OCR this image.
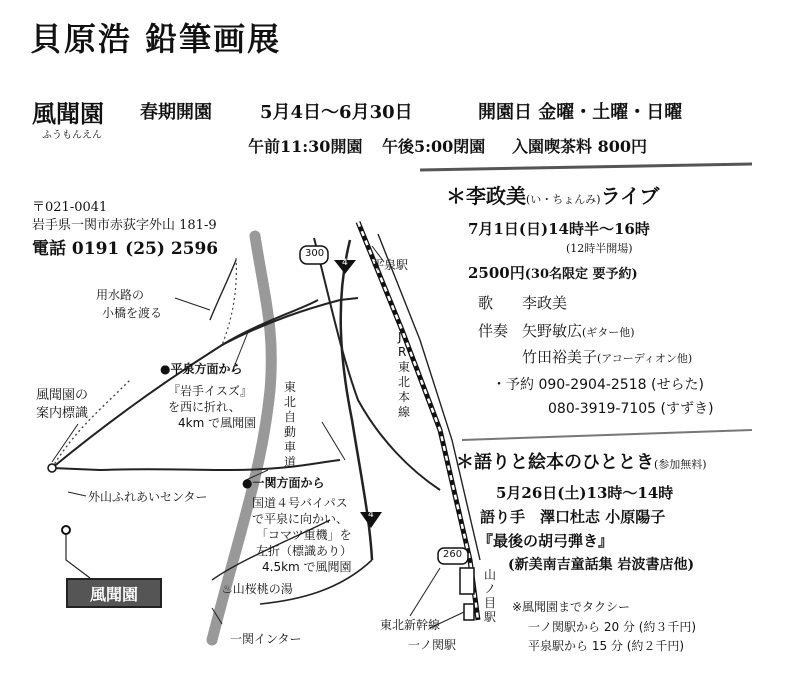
貝原浩 鉛筆画展
風聞園
ふうもんえん
春期開園	5月4日～6月30日	開園日 金曜・土曜・日曜
午前11:30開園 午後5:00閉園 入園喫茶料 800円
〒021-0041
岩手県一関市赤荻字外山 181-9
電話 0191 (25) 2596
＊李政美(い・ちょんみ)ライブ
7月1日(日)14時半～16時
(12時半開場)
2500円(30名限定 要予約)
歌 李政美
伴奏 矢野敏広(ギター他)
竹田裕美子(アコーディオン他)
・予約 090-2904-2518 (せらた)
080-3919-7105 (すずき)
＊語りと絵本のひととき(参加無料)
5月26日(土)13時～14時
語り手 澤口杜志 小原陽子
『最後の胡弓弾き』
(新美南吉童話集 岩波書店他)
※風聞園までタクシー
一ノ関駅から 20 分 (約３千円)
平泉駅から 15 分 (約２千円)
用水路の
小橋を渡る
●平泉方面から
『岩手イスズ』
を西に折れ、
4km で風聞園
風聞園の
案内標識
外山ふれあいセンター
東
北
自
動
車
道
●一関方面から
国道４号バイパス
で平泉に向かい、
「コマツ重機」を
左折（標識あり）
4.5km で風聞園
♨山桜桃の湯
一関インター
J
R
東
北
本
線
平泉駅
300
4
4
260
山
ノ
目
駅
東北新幹線
一ノ関駅
風聞園
